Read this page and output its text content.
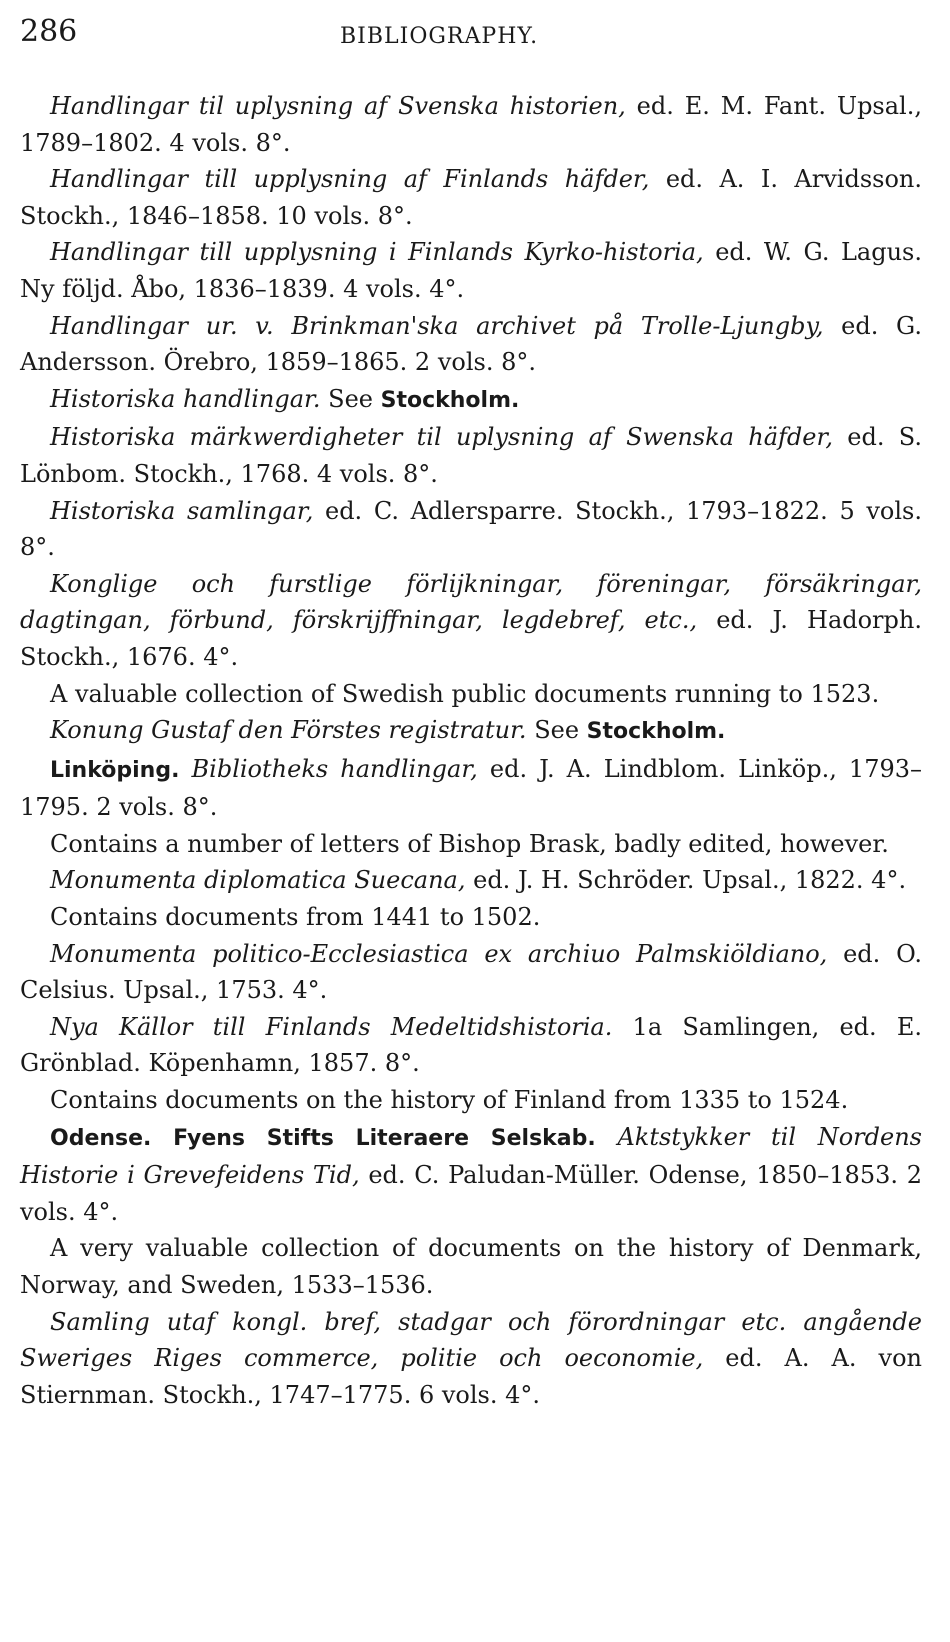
286	BIBLIOGRAPHY.

Handlingar til uplysning af Svenska historien, ed. E. M. Fant. Upsal., 1789–1802. 4 vols. 8°.

Handlingar till upplysning af Finlands häfder, ed. A. I. Arvidsson. Stockh., 1846–1858. 10 vols. 8°.

Handlingar till upplysning i Finlands Kyrko-historia, ed. W. G. Lagus. Ny följd. Åbo, 1836–1839. 4 vols. 4°.

Handlingar ur. v. Brinkman'ska archivet på Trolle-Ljungby, ed. G. Andersson. Örebro, 1859–1865. 2 vols. 8°.

Historiska handlingar. See Stockholm.

Historiska märkwerdigheter til uplysning af Swenska häfder, ed. S. Lönbom. Stockh., 1768. 4 vols. 8°.

Historiska samlingar, ed. C. Adlersparre. Stockh., 1793–1822. 5 vols. 8°.

Konglige och furstlige förlijkningar, föreningar, försäkringar, dagtingan, förbund, förskrijffningar, legdebref, etc., ed. J. Hadorph. Stockh., 1676. 4°.

A valuable collection of Swedish public documents running to 1523.

Konung Gustaf den Förstes registratur. See Stockholm.

Linköping. Bibliotheks handlingar, ed. J. A. Lindblom. Linköp., 1793–1795. 2 vols. 8°.

Contains a number of letters of Bishop Brask, badly edited, however.

Monumenta diplomatica Suecana, ed. J. H. Schröder. Upsal., 1822. 4°.

Contains documents from 1441 to 1502.

Monumenta politico-Ecclesiastica ex archiuo Palmskiöldiano, ed. O. Celsius. Upsal., 1753. 4°.

Nya Källor till Finlands Medeltidshistoria. 1a Samlingen, ed. E. Grönblad. Köpenhamn, 1857. 8°.

Contains documents on the history of Finland from 1335 to 1524.

Odense. Fyens Stifts Literaere Selskab. Aktstykker til Nordens Historie i Grevefeidens Tid, ed. C. Paludan-Müller. Odense, 1850–1853. 2 vols. 4°.

A very valuable collection of documents on the history of Denmark, Norway, and Sweden, 1533–1536.

Samling utaf kongl. bref, stadgar och förordningar etc. angående Sweriges Riges commerce, politie och oeconomie, ed. A. A. von Stiernman. Stockh., 1747–1775. 6 vols. 4°.
